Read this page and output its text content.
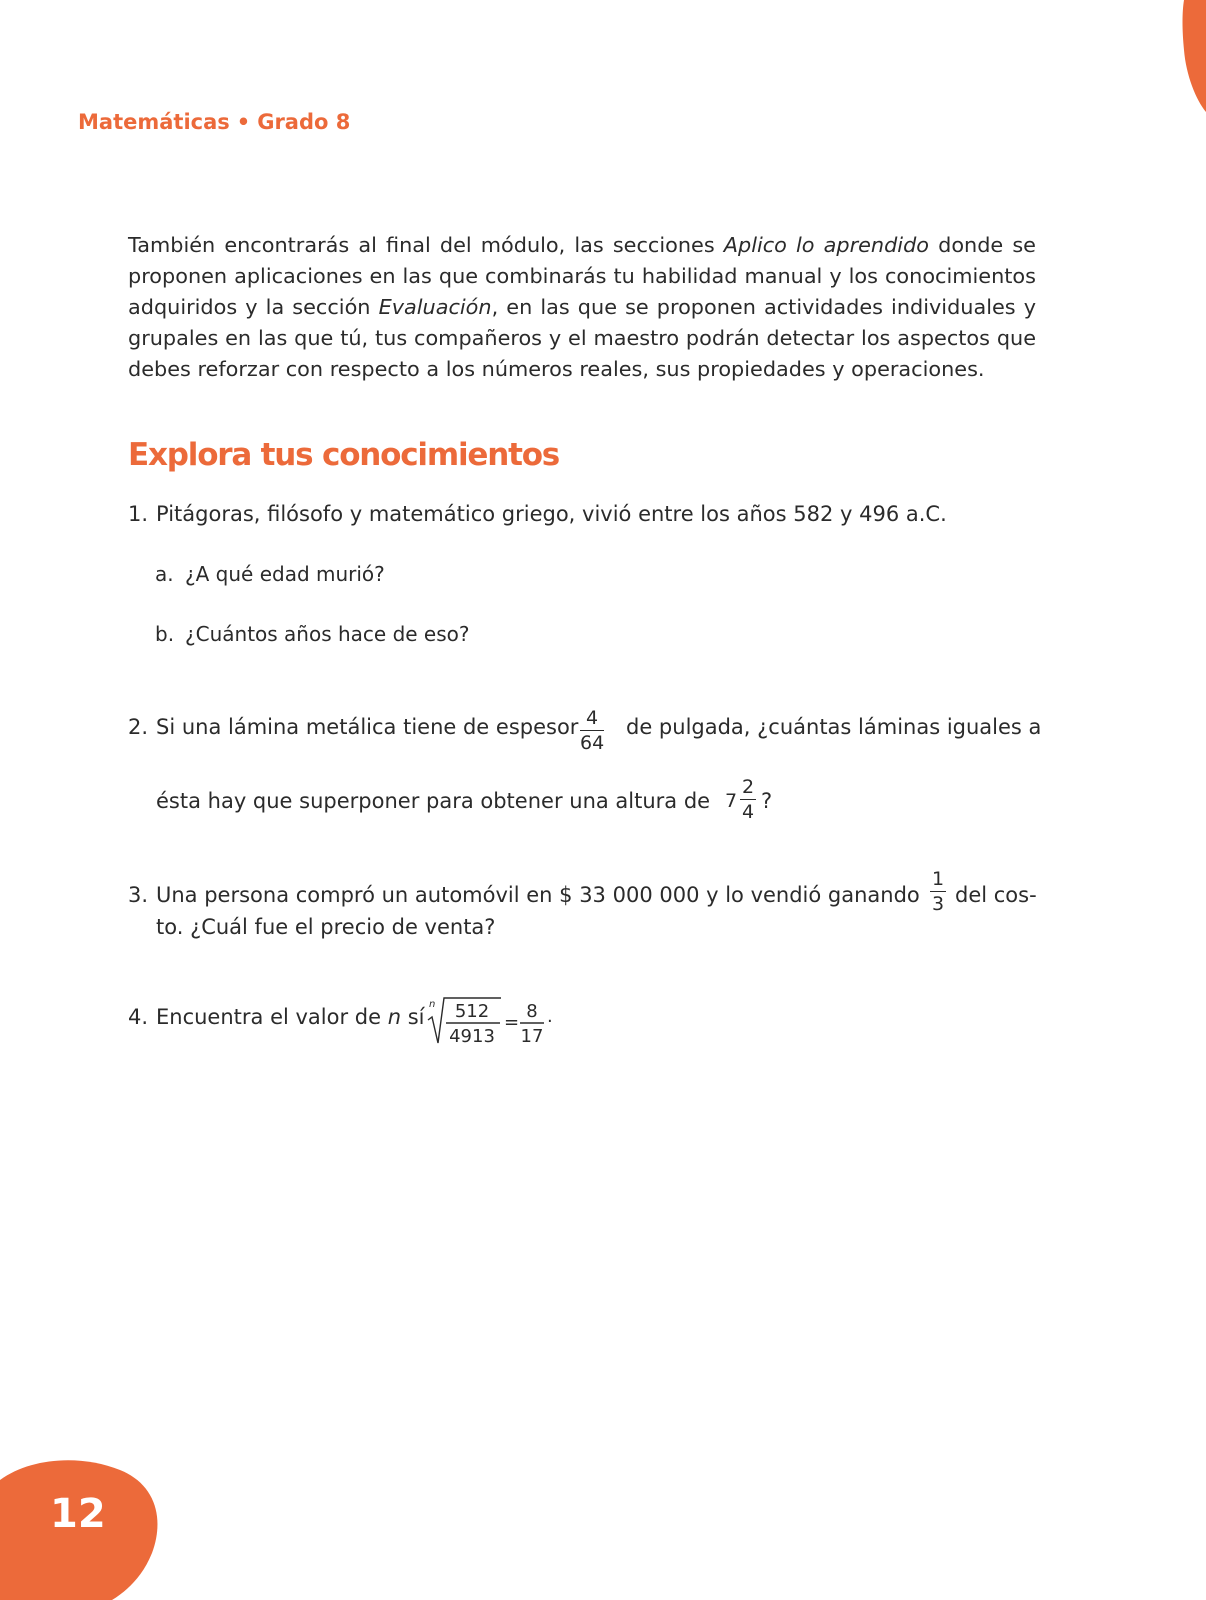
Matemáticas • Grado 8

También encontrarás al final del módulo, las secciones Aplico lo aprendido donde se proponen aplicaciones en las que combinarás tu habilidad manual y los conocimientos adquiridos y la sección Evaluación, en las que se proponen actividades individuales y grupales en las que tú, tus compañeros y el maestro podrán detectar los aspectos que debes reforzar con respecto a los números reales, sus propiedades y operaciones.

Explora tus conocimientos
1. Pitágoras, filósofo y matemático griego, vivió entre los años 582 y 496 a.C.
a. ¿A qué edad murió?
b. ¿Cuántos años hace de eso?
2. Si una lámina metálica tiene de espesor $\frac{4}{64}$ de pulgada, ¿cuántas láminas iguales a
ésta hay que superponer para obtener una altura de $7 \frac{2}{4}$ ?
3. Una persona compró un automóvil en $ 33 000 000 y lo vendió ganando $\frac{1}{3}$ del cos-
to. ¿Cuál fue el precio de venta?
4. Encuentra el valor de n sí
n 512
4913
=
8
17
.
12
